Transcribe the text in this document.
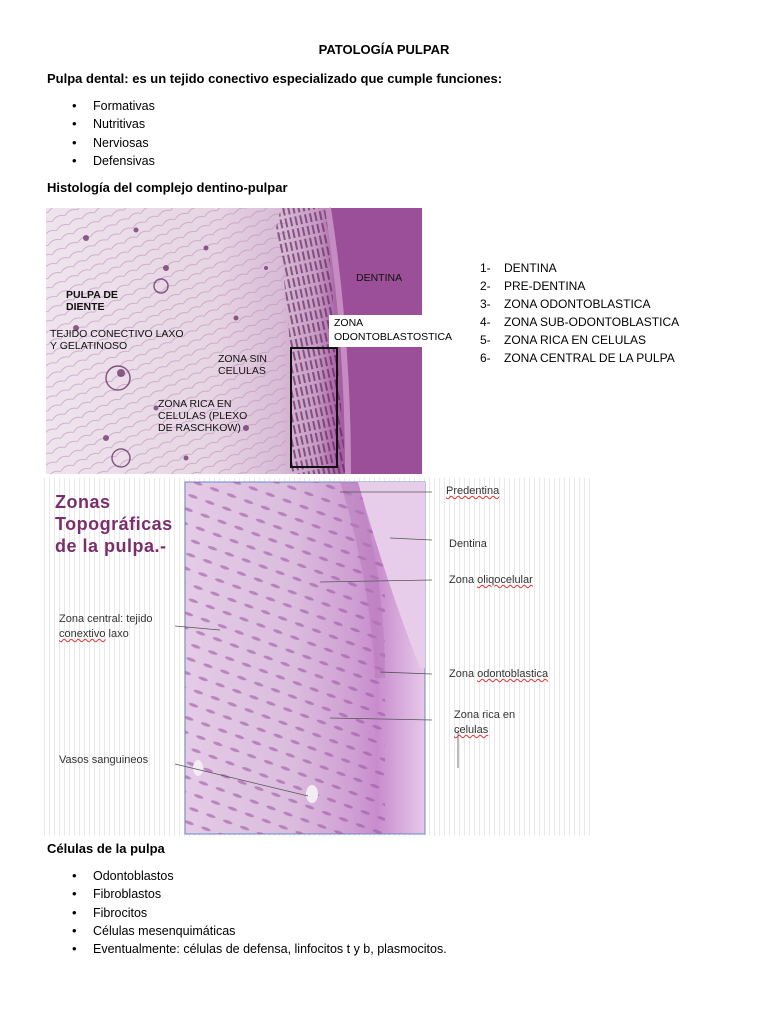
PATOLOGÍA PULPAR
Pulpa dental: es un tejido conectivo especializado que cumple funciones:
• Formativas
• Nutritivas
• Nerviosas
• Defensivas
Histología del complejo dentino-pulpar
DENTINA
PULPA DE DIENTE
TEJIDO CONECTIVO LAXO Y GELATINOSO
ZONA SIN CELULAS
ZONA RICA EN CELULAS (PLEXO DE RASCHKOW)
ZONA ODONTOBLASTOSTICA
1- DENTINA
2- PRE-DENTINA
3- ZONA ODONTOBLASTICA
4- ZONA SUB-ODONTOBLASTICA
5- ZONA RICA EN CELULAS
6- ZONA CENTRAL DE LA PULPA
Zonas
Topográficas
de la pulpa.-
Zona central: tejido
conextivo laxo
Vasos sanguineos
Predentina
Dentina
Zona oliqocelular
Zona odontoblastica
Zona rica en
celulas
Células de la pulpa
• Odontoblastos
• Fibroblastos
• Fibrocitos
• Células mesenquimáticas
• Eventualmente: células de defensa, linfocitos t y b, plasmocitos.
